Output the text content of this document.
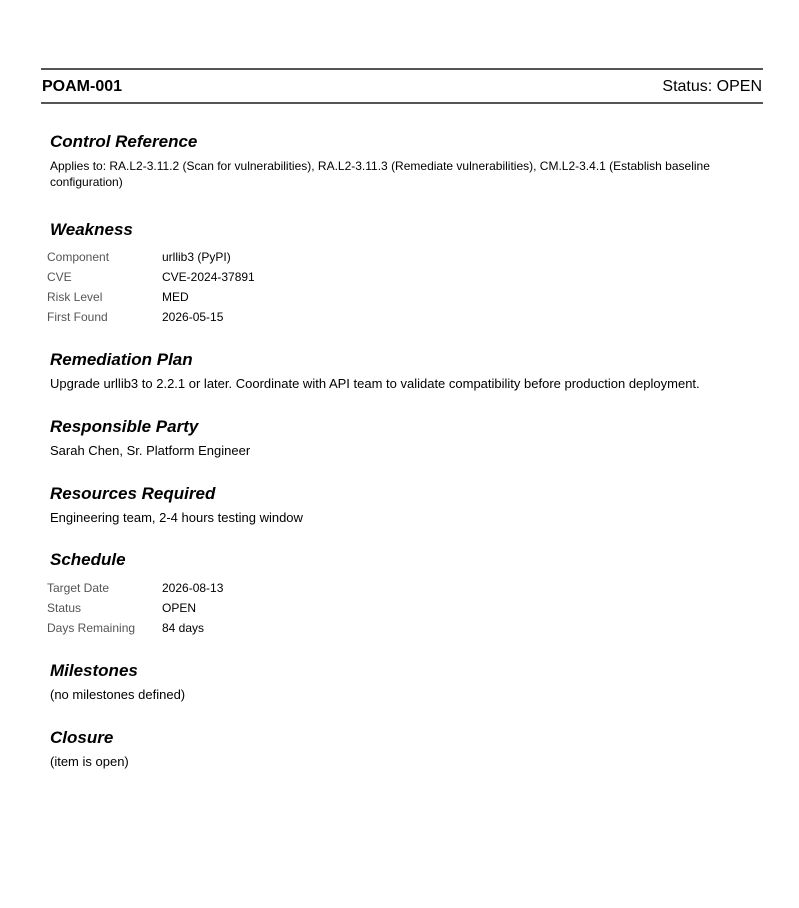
POAM-001	Status: OPEN
Control Reference
Applies to: RA.L2-3.11.2 (Scan for vulnerabilities), RA.L2-3.11.3 (Remediate vulnerabilities), CM.L2-3.4.1 (Establish baseline configuration)
Weakness
Component	urllib3 (PyPI)
CVE	CVE-2024-37891
Risk Level	MED
First Found	2026-05-15
Remediation Plan
Upgrade urllib3 to 2.2.1 or later. Coordinate with API team to validate compatibility before production deployment.
Responsible Party
Sarah Chen, Sr. Platform Engineer
Resources Required
Engineering team, 2-4 hours testing window
Schedule
Target Date	2026-08-13
Status	OPEN
Days Remaining	84 days
Milestones
(no milestones defined)
Closure
(item is open)
